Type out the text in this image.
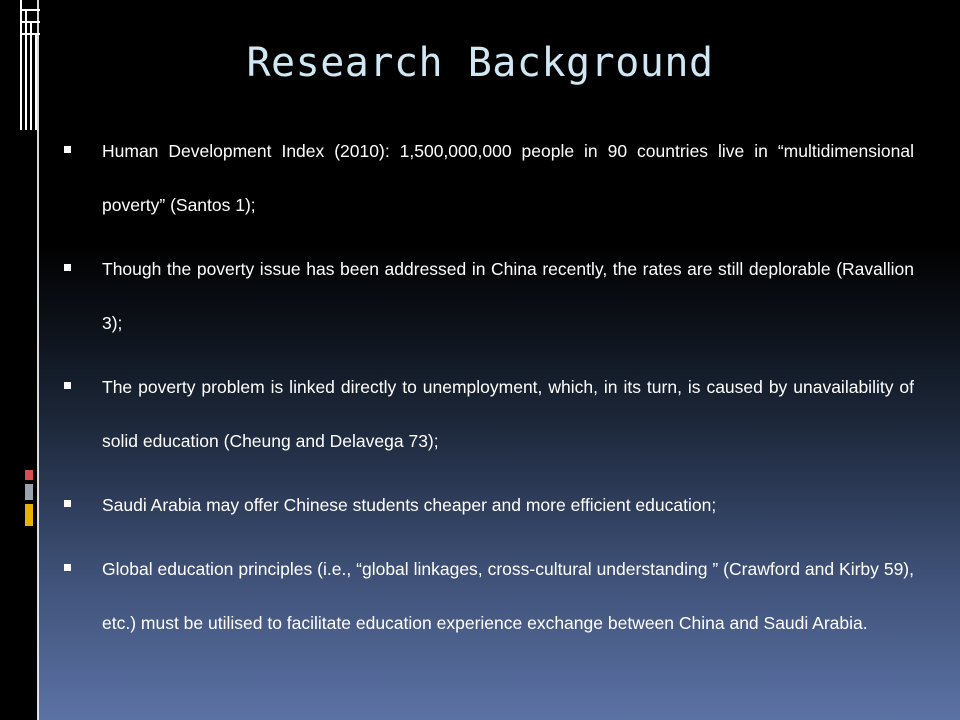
Research Background
Human Development Index (2010): 1,500,000,000 people in 90 countries live in “multidimensional poverty” (Santos 1);
Though the poverty issue has been addressed in China recently, the rates are still deplorable (Ravallion 3);
The poverty problem is linked directly to unemployment, which, in its turn, is caused by unavailability of solid education (Cheung and Delavega 73);
Saudi Arabia may offer Chinese students cheaper and more efficient education;
Global education principles (i.e., “global linkages, cross-cultural understanding ” (Crawford and Kirby 59), etc.) must be utilised to facilitate education experience exchange between China and Saudi Arabia.
